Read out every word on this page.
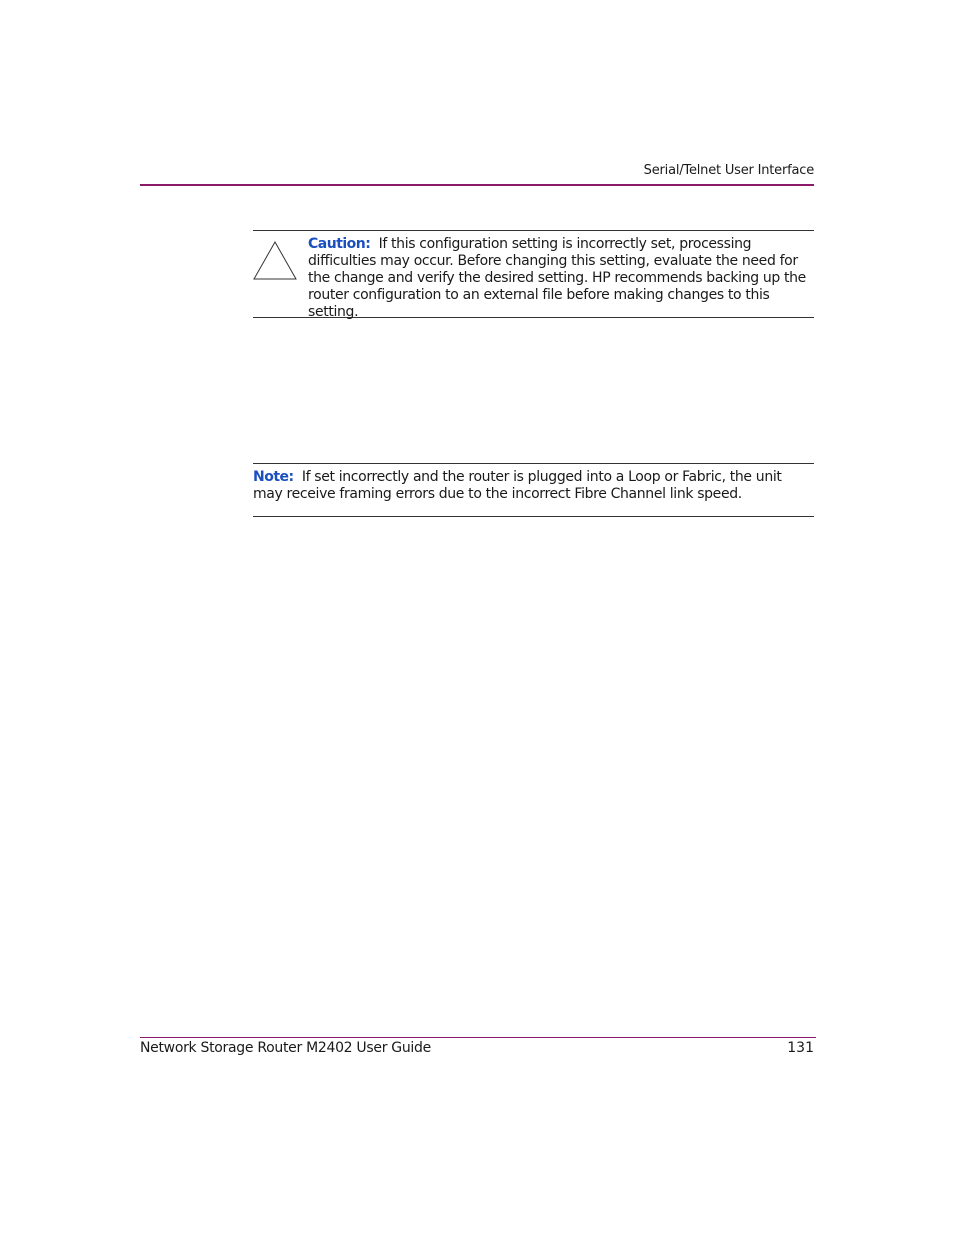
Serial/Telnet User Interface
Caution: If this configuration setting is incorrectly set, processing difficulties may occur. Before changing this setting, evaluate the need for the change and verify the desired setting. HP recommends backing up the router configuration to an external file before making changes to this setting.
Note: If set incorrectly and the router is plugged into a Loop or Fabric, the unit may receive framing errors due to the incorrect Fibre Channel link speed.
Network Storage Router M2402 User Guide	131
